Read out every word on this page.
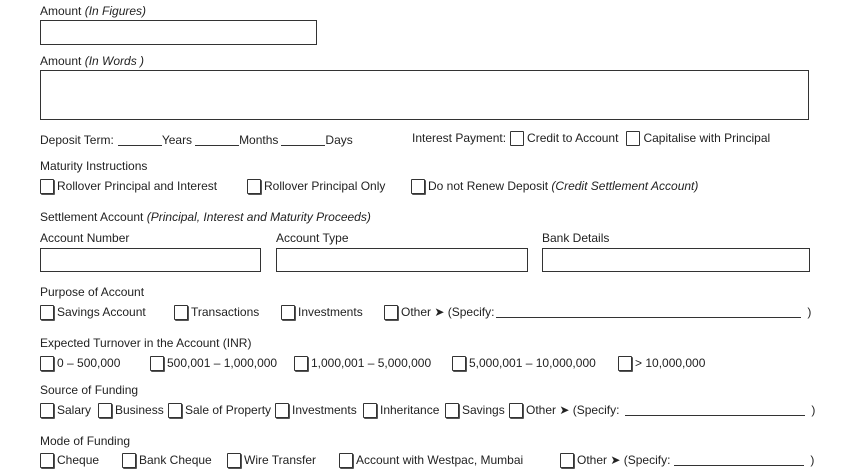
Amount (In Figures)
Amount (In Words )
Deposit Term:	Years	Months	Days	Interest Payment: Credit to Account Capitalise with Principal
Maturity Instructions
Rollover Principal and Interest	Rollover Principal Only	Do not Renew Deposit
(Credit Settlement Account)
Settlement Account (Principal, Interest and Maturity Proceeds)
Account Number	Account Type	Bank Details
Purpose of Account
Savings Account	Transactions	Investments	Other ➤ (Specify:	)
Expected Turnover in the Account (INR)
0 – 500,000	500,001 – 1,000,000	1,000,001 – 5,000,000	5,000,001 – 10,000,000	> 10,000,000
Source of Funding
Salary Business Sale of Property Investments Inheritance Savings Other ➤ (Specify:	)
Mode of Funding
Cheque	Bank Cheque	Wire Transfer	Account with Westpac, Mumbai	Other ➤ (Specify:	)
